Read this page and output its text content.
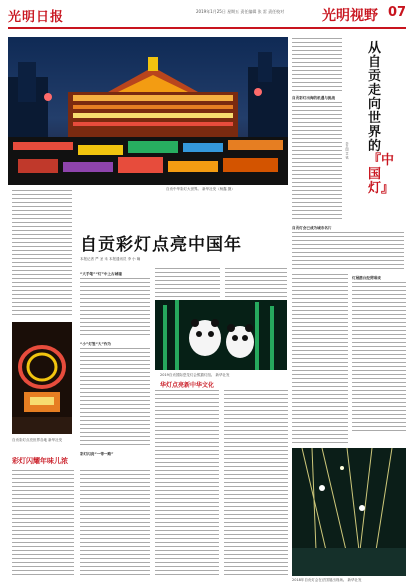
光明日报	2019年1月25日 星期五 责任编辑 张 雷 责任校对	光明视野 07
自贡中华彩灯大世界。 新华社发（杨鑫 摄）
从自贡走向世界的『中国灯』
李卫国 章 铭
自贡彩灯出海的机遇与挑战
自贡灯会已成为城市名片
灯展搭台经贸唱戏
2018年自贡灯会在法国展出现场。 新华社发
自贡彩灯点亮世界各地 新华社发
自贡彩灯点亮中国年
本报记者 严 圣 禾 本报通讯员 李 小 娴
“大手笔”“灯”中上古城墙
“小”灯笼“大”作为
2019自贡国际恐龙灯会熊猫灯组。 新华社发
华灯点亮新中华文化
彩灯闪亮“一带一路”
彩灯闪耀年味儿浓
